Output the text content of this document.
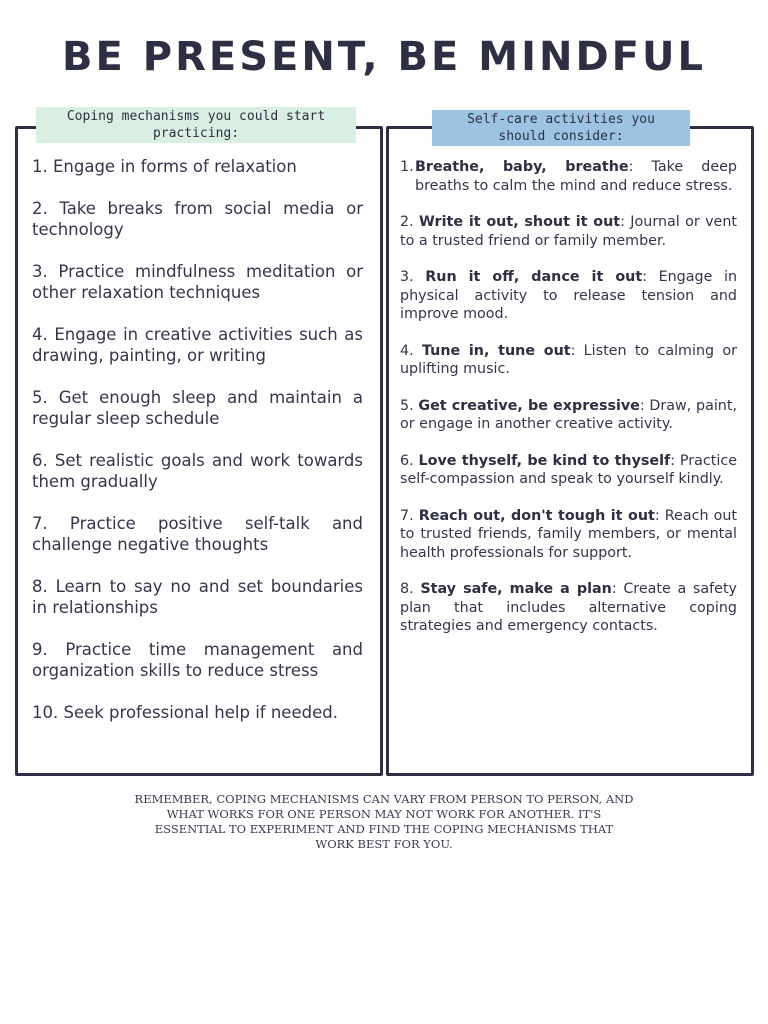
BE PRESENT, BE MINDFUL
Coping mechanisms you could start practicing:
Self-care activities you should consider:
1. Engage in forms of relaxation
2. Take breaks from social media or technology
3. Practice mindfulness meditation or other relaxation techniques
4. Engage in creative activities such as drawing, painting, or writing
5. Get enough sleep and maintain a regular sleep schedule
6. Set realistic goals and work towards them gradually
7. Practice positive self-talk and challenge negative thoughts
8. Learn to say no and set boundaries in relationships
9. Practice time management and organization skills to reduce stress
10. Seek professional help if needed.
1. Breathe, baby, breathe: Take deep breaths to calm the mind and reduce stress.
2. Write it out, shout it out: Journal or vent to a trusted friend or family member.
3. Run it off, dance it out: Engage in physical activity to release tension and improve mood.
4. Tune in, tune out: Listen to calming or uplifting music.
5. Get creative, be expressive: Draw, paint, or engage in another creative activity.
6. Love thyself, be kind to thyself: Practice self-compassion and speak to yourself kindly.
7. Reach out, don't tough it out: Reach out to trusted friends, family members, or mental health professionals for support.
8. Stay safe, make a plan: Create a safety plan that includes alternative coping strategies and emergency contacts.

REMEMBER, COPING MECHANISMS CAN VARY FROM PERSON TO PERSON, AND WHAT WORKS FOR ONE PERSON MAY NOT WORK FOR ANOTHER. IT'S ESSENTIAL TO EXPERIMENT AND FIND THE COPING MECHANISMS THAT WORK BEST FOR YOU.
